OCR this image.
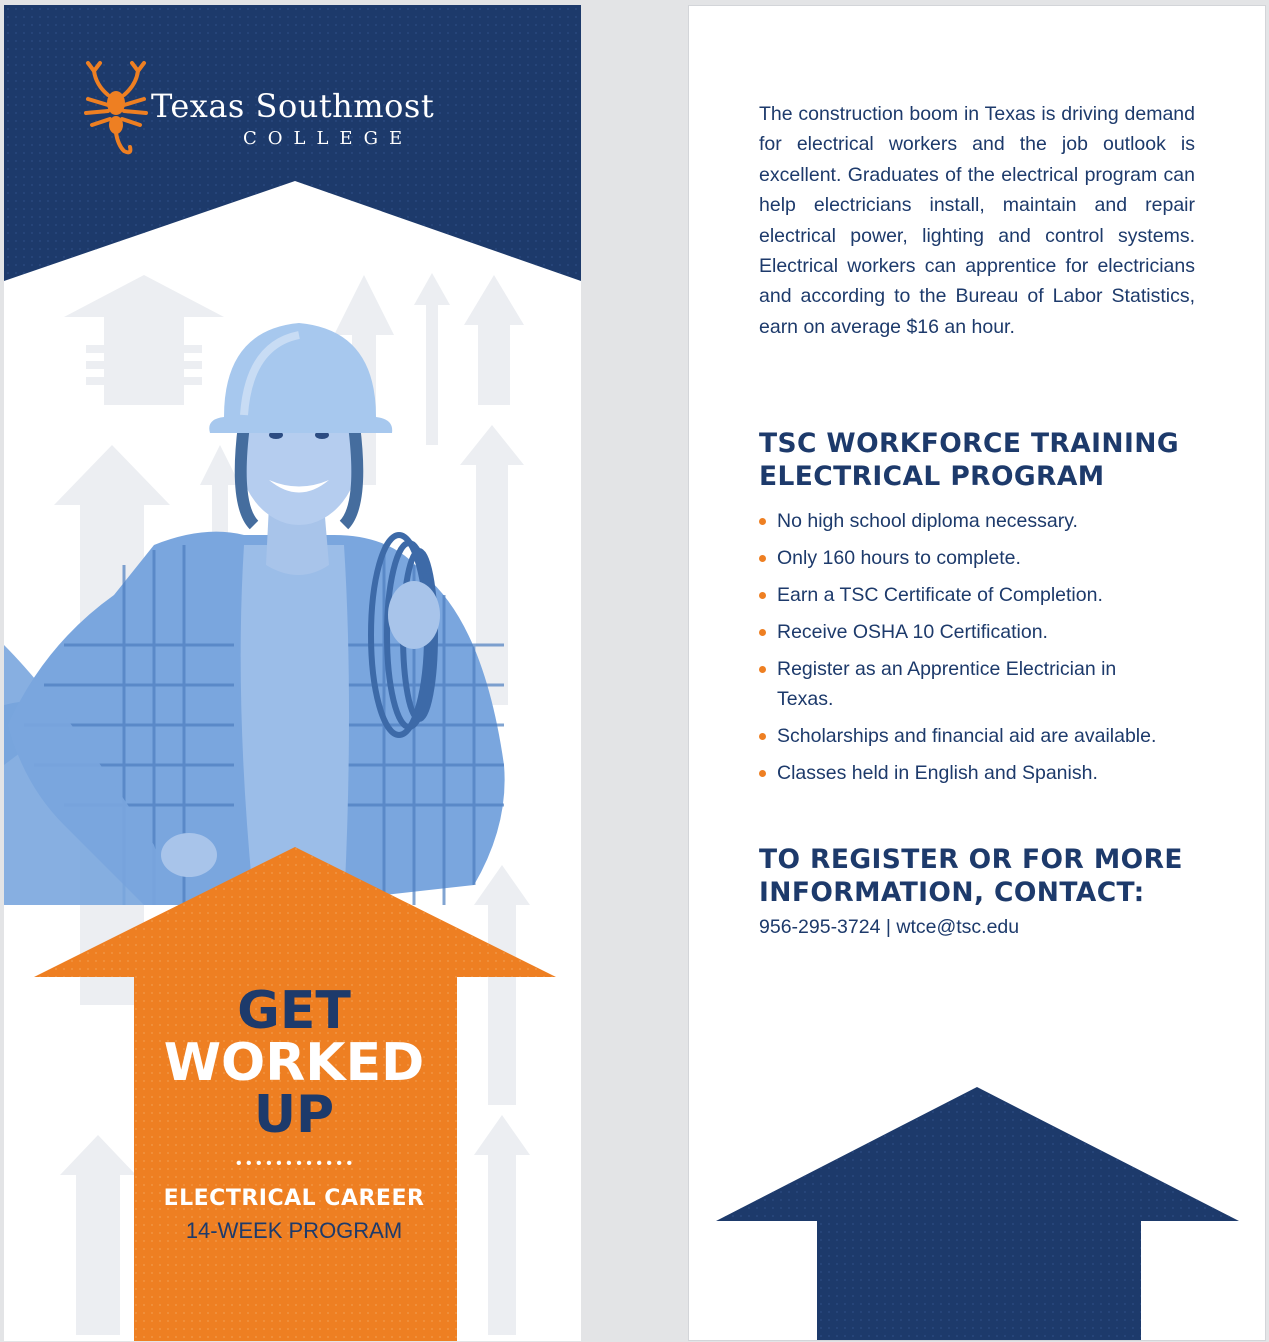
Texas Southmost
COLLEGE
GET
WORKED
UP
• • • • • • • • • • • •
ELECTRICAL CAREER
14-WEEK PROGRAM

The construction boom in Texas is driving demand for electrical workers and the job outlook is excellent. Graduates of the electrical program can help electricians install, maintain and repair electrical power, lighting and control systems. Electrical workers can apprentice for electricians and according to the Bureau of Labor Statistics, earn on average $16 an hour.

TSC WORKFORCE TRAINING
ELECTRICAL PROGRAM
No high school diploma necessary.
Only 160 hours to complete.
Earn a TSC Certificate of Completion.
Receive OSHA 10 Certification.
Register as an Apprentice Electrician in Texas.
Scholarships and financial aid are available.
Classes held in English and Spanish.
TO REGISTER OR FOR MORE
INFORMATION, CONTACT:
956-295-3724 | wtce@tsc.edu
